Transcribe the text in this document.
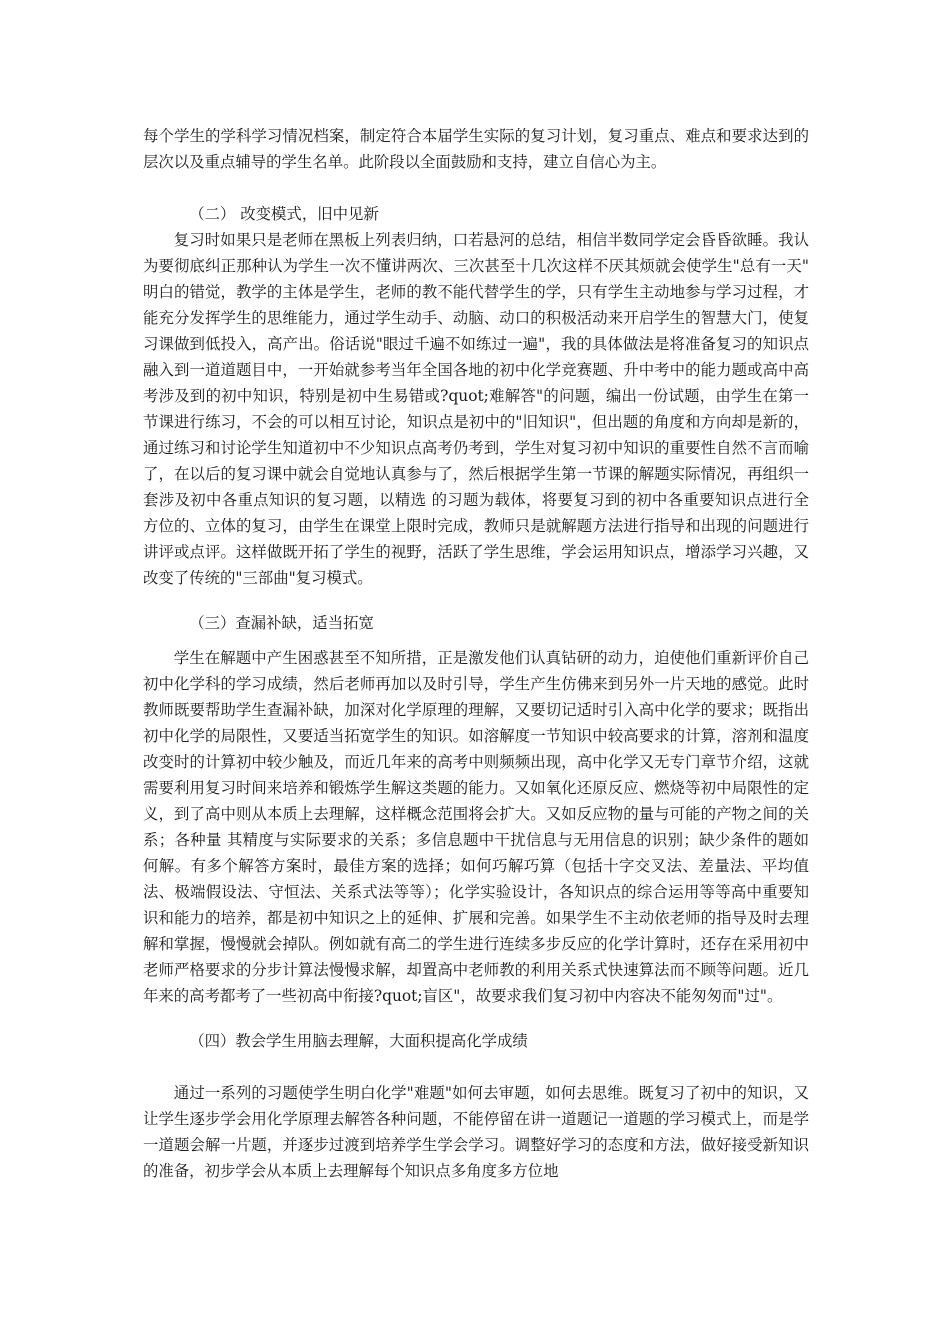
每个学生的学科学习情况档案，制定符合本届学生实际的复习计划，复习重点、难点和要求达到的层次以及重点辅导的学生名单。此阶段以全面鼓励和支持，建立自信心为主。

（二） 改变模式，旧中见新

复习时如果只是老师在黑板上列表归纳，口若悬河的总结，相信半数同学定会昏昏欲睡。我认为要彻底纠正那种认为学生一次不懂讲两次、三次甚至十几次这样不厌其烦就会使学生"总有一天" 明白的错觉，教学的主体是学生，老师的教不能代替学生的学，只有学生主动地参与学习过程，才能充分发挥学生的思维能力，通过学生动手、动脑、动口的积极活动来开启学生的智慧大门，使复习课做到低投入，高产出。俗话说"眼过千遍不如练过一遍"，我的具体做法是将准备复习的知识点融入到一道道题目中，一开始就参考当年全国各地的初中化学竞赛题、升中考中的能力题或高中高考涉及到的初中知识，特别是初中生易错或?quot;难解答"的问题，编出一份试题，由学生在第一节课进行练习，不会的可以相互讨论，知识点是初中的"旧知识"，但出题的角度和方向却是新的，通过练习和讨论学生知道初中不少知识点高考仍考到，学生对复习初中知识的重要性自然不言而喻了，在以后的复习课中就会自觉地认真参与了，然后根据学生第一节课的解题实际情况，再组织一套涉及初中各重点知识的复习题，以精选 的习题为载体，将要复习到的初中各重要知识点进行全方位的、立体的复习，由学生在课堂上限时完成，教师只是就解题方法进行指导和出现的问题进行讲评或点评。这样做既开拓了学生的视野，活跃了学生思维，学会运用知识点，增添学习兴趣，又改变了传统的"三部曲"复习模式。

（三）查漏补缺，适当拓宽

学生在解题中产生困惑甚至不知所措，正是激发他们认真钻研的动力，迫使他们重新评价自己初中化学科的学习成绩，然后老师再加以及时引导，学生产生仿佛来到另外一片天地的感觉。此时教师既要帮助学生查漏补缺，加深对化学原理的理解，又要切记适时引入高中化学的要求；既指出初中化学的局限性，又要适当拓宽学生的知识。如溶解度一节知识中较高要求的计算，溶剂和温度改变时的计算初中较少触及，而近几年来的高考中则频频出现，高中化学又无专门章节介绍，这就需要利用复习时间来培养和锻炼学生解这类题的能力。又如氧化还原反应、燃烧等初中局限性的定义，到了高中则从本质上去理解，这样概念范围将会扩大。又如反应物的量与可能的产物之间的关系；各种量 其精度与实际要求的关系；多信息题中干扰信息与无用信息的识别；缺少条件的题如何解。有多个解答方案时，最佳方案的选择；如何巧解巧算（包括十字交叉法、差量法、平均值法、极端假设法、守恒法、关系式法等等）；化学实验设计，各知识点的综合运用等等高中重要知识和能力的培养，都是初中知识之上的延伸、扩展和完善。如果学生不主动依老师的指导及时去理解和掌握，慢慢就会掉队。例如就有高二的学生进行连续多步反应的化学计算时，还存在采用初中老师严格要求的分步计算法慢慢求解，却置高中老师教的利用关系式快速算法而不顾等问题。近几年来的高考都考了一些初高中衔接?quot;盲区"，故要求我们复习初中内容决不能匆匆而"过"。

（四）教会学生用脑去理解，大面积提高化学成绩

通过一系列的习题使学生明白化学"难题"如何去审题，如何去思维。既复习了初中的知识，又让学生逐步学会用化学原理去解答各种问题，不能停留在讲一道题记一道题的学习模式上，而是学一道题会解一片题，并逐步过渡到培养学生学会学习。调整好学习的态度和方法，做好接受新知识的准备，初步学会从本质上去理解每个知识点多角度多方位地
